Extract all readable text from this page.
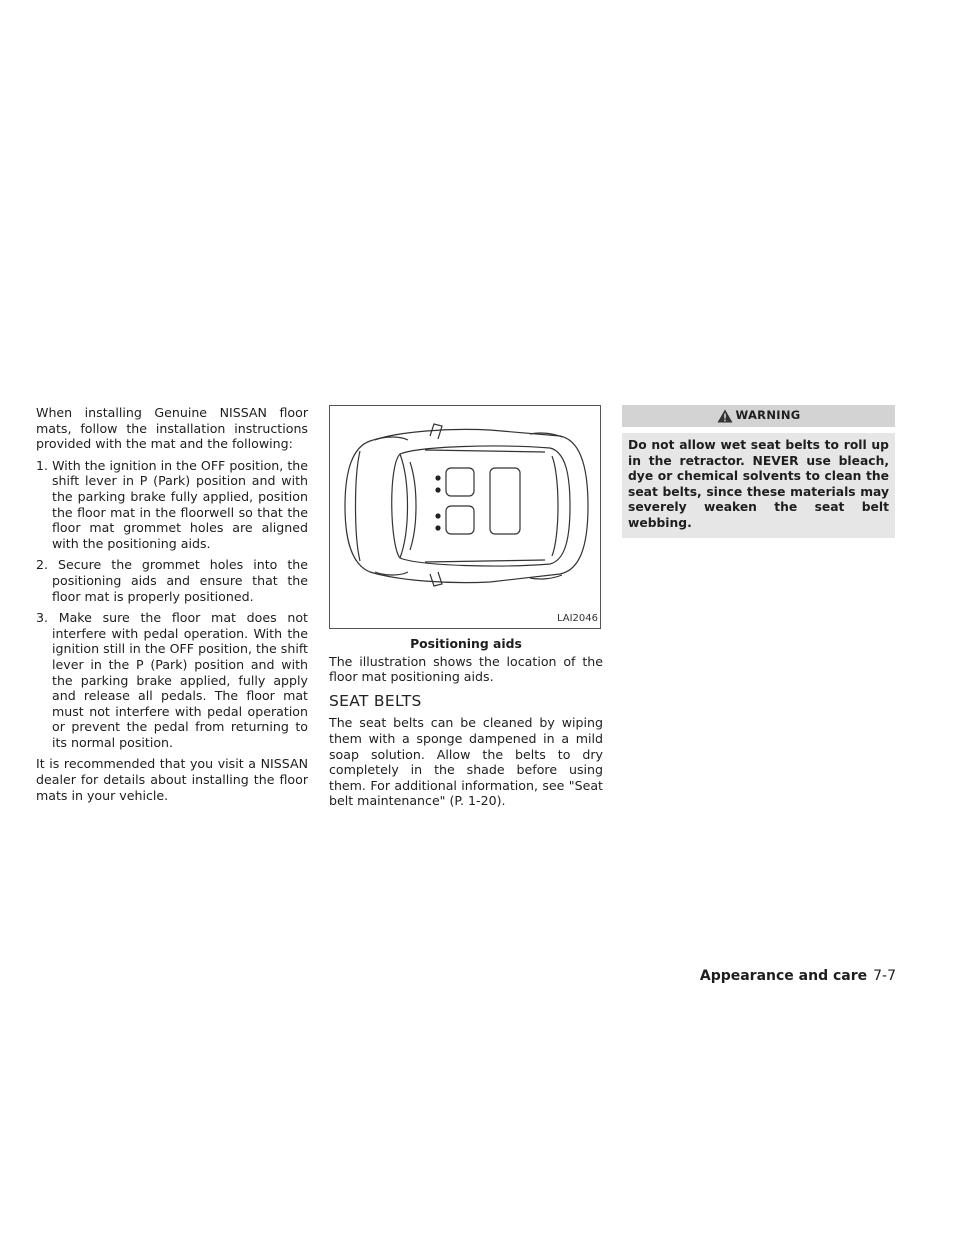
When installing Genuine NISSAN floor mats, follow the installation instructions provided with the mat and the following:

1. With the ignition in the OFF position, the shift lever in P (Park) position and with the parking brake fully applied, position the floor mat in the floorwell so that the floor mat grommet holes are aligned with the positioning aids.
2. Secure the grommet holes into the positioning aids and ensure that the floor mat is properly positioned.
3. Make sure the floor mat does not interfere with pedal operation. With the ignition still in the OFF position, the shift lever in the P (Park) position and with the parking brake applied, fully apply and release all pedals. The floor mat must not interfere with pedal operation or prevent the pedal from returning to its normal position.

It is recommended that you visit a NISSAN dealer for details about installing the floor mats in your vehicle.

LAI2046
Positioning aids

The illustration shows the location of the floor mat positioning aids.

SEAT BELTS

The seat belts can be cleaned by wiping them with a sponge dampened in a mild soap solution. Allow the belts to dry completely in the shade before using them. For additional information, see "Seat belt maintenance" (P. 1-20).

WARNING
Do not allow wet seat belts to roll up in the retractor. NEVER use bleach, dye or chemical solvents to clean the seat belts, since these materials may severely weaken the seat belt webbing.
Appearance and care 7-7
